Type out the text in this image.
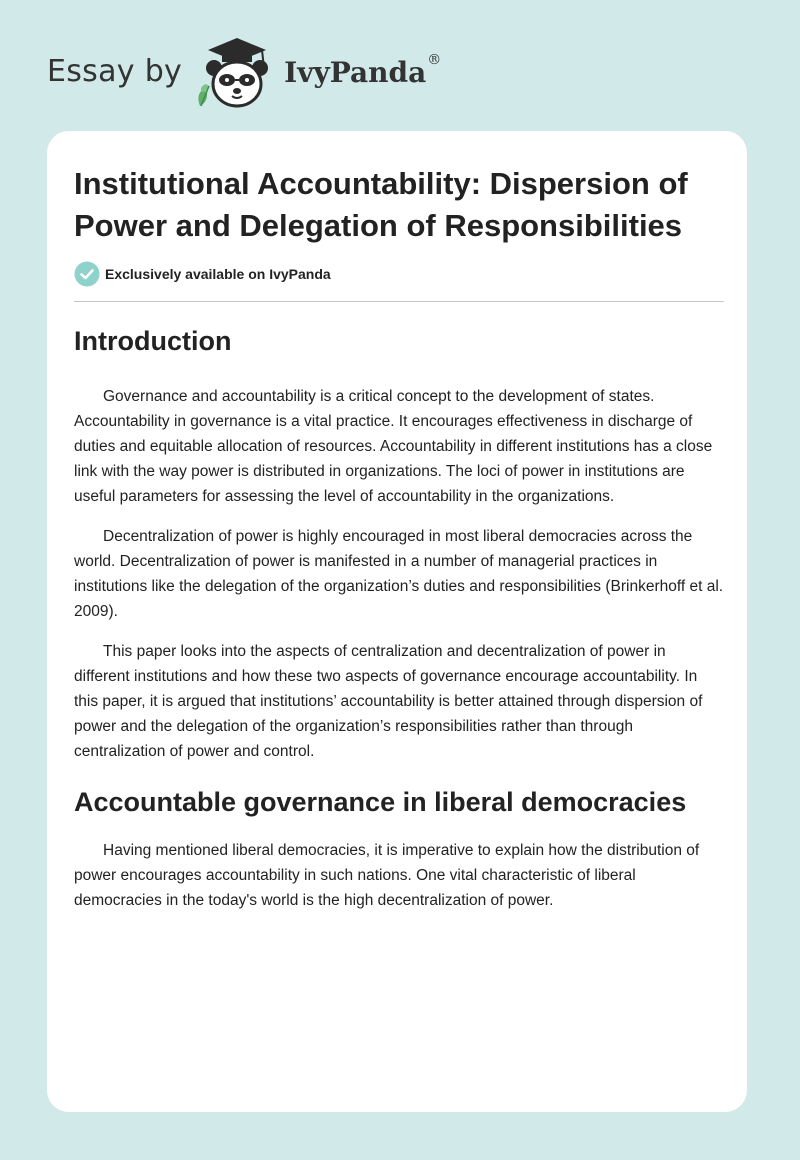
Essay by	IvyPanda®
Institutional Accountability: Dispersion of Power and Delegation of Responsibilities
Exclusively available on IvyPanda
Introduction

Governance and accountability is a critical concept to the development of states. Accountability in governance is a vital practice. It encourages effectiveness in discharge of duties and equitable allocation of resources. Accountability in different institutions has a close link with the way power is distributed in organizations. The loci of power in institutions are useful parameters for assessing the level of accountability in the organizations.

Decentralization of power is highly encouraged in most liberal democracies across the world. Decentralization of power is manifested in a number of managerial practices in institutions like the delegation of the organization’s duties and responsibilities (Brinkerhoff et al. 2009).

This paper looks into the aspects of centralization and decentralization of power in different institutions and how these two aspects of governance encourage accountability. In this paper, it is argued that institutions’ accountability is better attained through dispersion of power and the delegation of the organization’s responsibilities rather than through centralization of power and control.

Accountable governance in liberal democracies

Having mentioned liberal democracies, it is imperative to explain how the distribution of power encourages accountability in such nations. One vital characteristic of liberal democracies in the today's world is the high decentralization of power.
